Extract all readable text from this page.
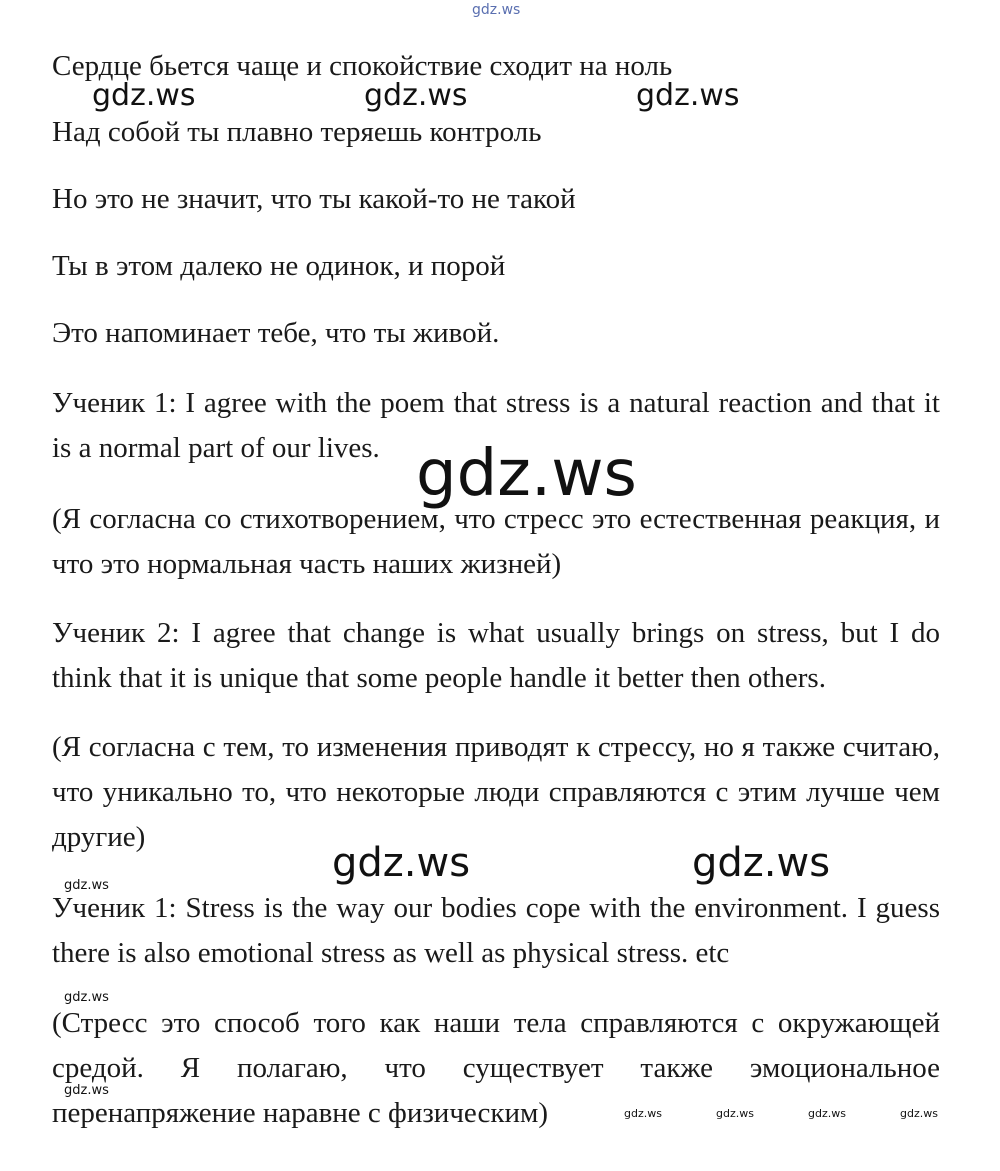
gdz.ws
Сердце бьется чаще и спокойствие сходит на ноль
Над собой ты плавно теряешь контроль
Но это не значит, что ты какой-то не такой
Ты в этом далеко не одинок, и порой
Это напоминает тебе, что ты живой.
Ученик 1: I agree with the poem that stress is a natural reaction and that it is a normal part of our lives.
(Я согласна со стихотворением, что стресс это естественная реакция, и что это нормальная часть наших жизней)
Ученик 2: I agree that change is what usually brings on stress, but I do think that it is unique that some people handle it better then others.
(Я согласна с тем, то изменения приводят к стрессу, но я также считаю, что уникально то, что некоторые люди справляются с этим лучше чем другие)
Ученик 1: Stress is the way our bodies cope with the environment. I guess there is also emotional stress as well as physical stress. etc
(Стресс это способ того как наши тела справляются с окружающей средой. Я полагаю, что существует также эмоциональное перенапряжение наравне с физическим)
gdz.ws	gdz.ws	gdz.ws
gdz.ws
gdz.ws	gdz.ws
gdz.ws
gdz.ws
gdz.ws
gdz.ws	gdz.ws	gdz.ws	gdz.ws
